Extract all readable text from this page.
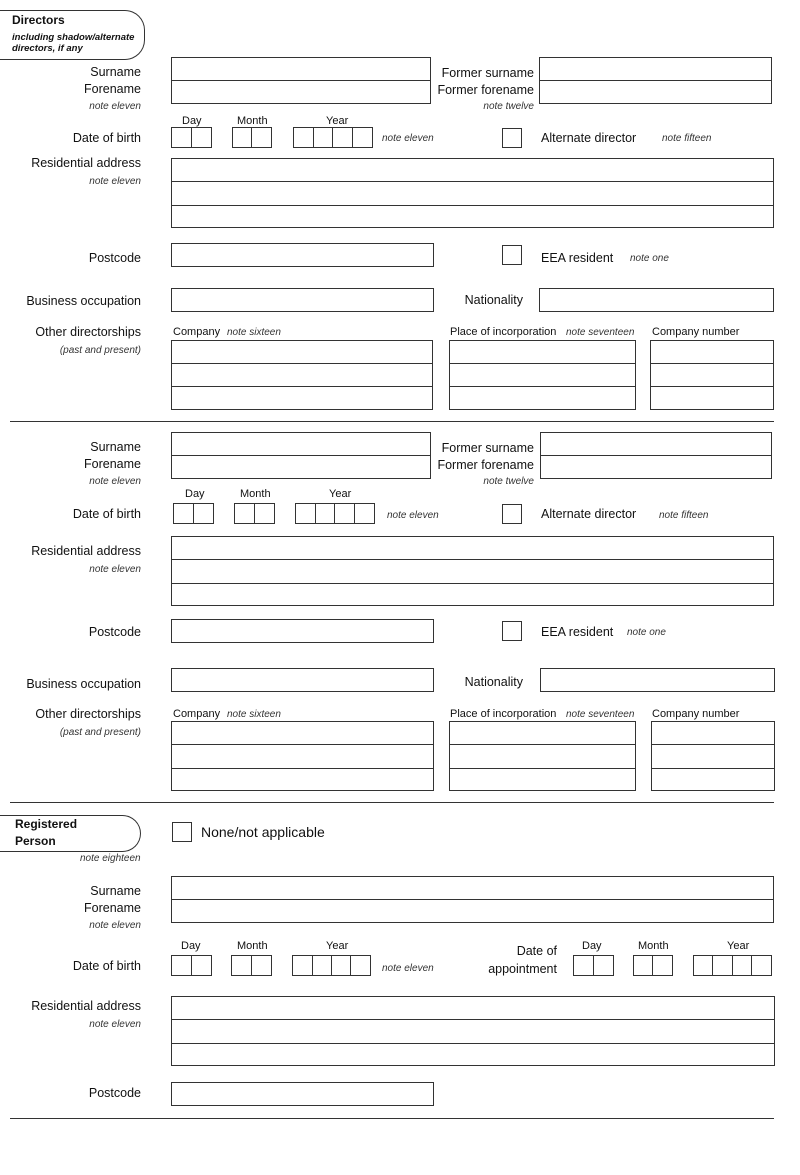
Directors
including shadow/alternate directors, if any
Surname
Forename
note eleven
Former surname
Former forename
note twelve
Day	Month	Year
Date of birth	note eleven	Alternate director	note fifteen
Residential address
note eleven
Postcode	EEA resident note one
Business occupation	Nationality
Other directorships
(past and present)
Company note sixteen	Place of incorporation note seventeen Company number
Surname
Forename
note eleven
Former surname
Former forename
note twelve
Day	Month	Year
Date of birth	note eleven	Alternate director note fifteen
Residential address
note eleven
Postcode	EEA resident note one
Business occupation	Nationality
Other directorships
(past and present)
Company note sixteen	Place of incorporation note seventeen Company number
Registered
Person
note eighteen
None/not applicable
Surname
Forename
note eleven
Day	Month	Year
Date of birth	note eleven
Date of
appointment
Day	Month	Year
Residential address
note eleven
Postcode
